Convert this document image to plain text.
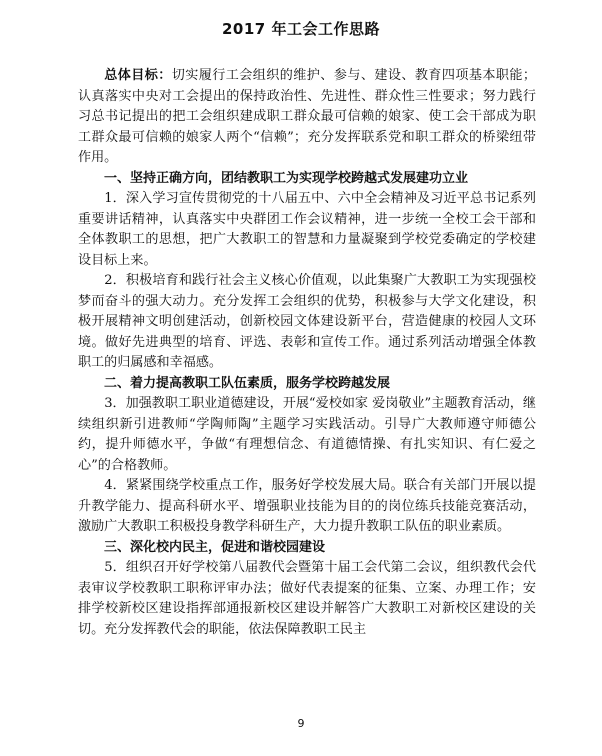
2017 年工会工作思路

总体目标：切实履行工会组织的维护、参与、建设、教育四项基本职能；认真落实中央对工会提出的保持政治性、先进性、群众性三性要求；努力践行习总书记提出的把工会组织建成职工群众最可信赖的娘家、使工会干部成为职工群众最可信赖的娘家人两个“信赖”；充分发挥联系党和职工群众的桥梁纽带作用。

一、坚持正确方向，团结教职工为实现学校跨越式发展建功立业

1．深入学习宣传贯彻党的十八届五中、六中全会精神及习近平总书记系列重要讲话精神，认真落实中央群团工作会议精神，进一步统一全校工会干部和全体教职工的思想，把广大教职工的智慧和力量凝聚到学校党委确定的学校建设目标上来。

2．积极培育和践行社会主义核心价值观，以此集聚广大教职工为实现强校梦而奋斗的强大动力。充分发挥工会组织的优势，积极参与大学文化建设，积极开展精神文明创建活动，创新校园文体建设新平台，营造健康的校园人文环境。做好先进典型的培育、评选、表彰和宣传工作。通过系列活动增强全体教职工的归属感和幸福感。

二、着力提高教职工队伍素质，服务学校跨越发展

3．加强教职工职业道德建设，开展“爱校如家 爱岗敬业”主题教育活动，继续组织新引进教师“学陶师陶”主题学习实践活动。引导广大教师遵守师德公约，提升师德水平，争做“有理想信念、有道德情操、有扎实知识、有仁爱之心”的合格教师。

4．紧紧围绕学校重点工作，服务好学校发展大局。联合有关部门开展以提升教学能力、提高科研水平、增强职业技能为目的的岗位练兵技能竞赛活动，激励广大教职工积极投身教学科研生产，大力提升教职工队伍的职业素质。

三、深化校内民主，促进和谐校园建设

5．组织召开好学校第八届教代会暨第十届工会代第二会议，组织教代会代表审议学校教职工职称评审办法；做好代表提案的征集、立案、办理工作；安排学校新校区建设指挥部通报新校区建设并解答广大教职工对新校区建设的关切。充分发挥教代会的职能，依法保障教职工民主

9
